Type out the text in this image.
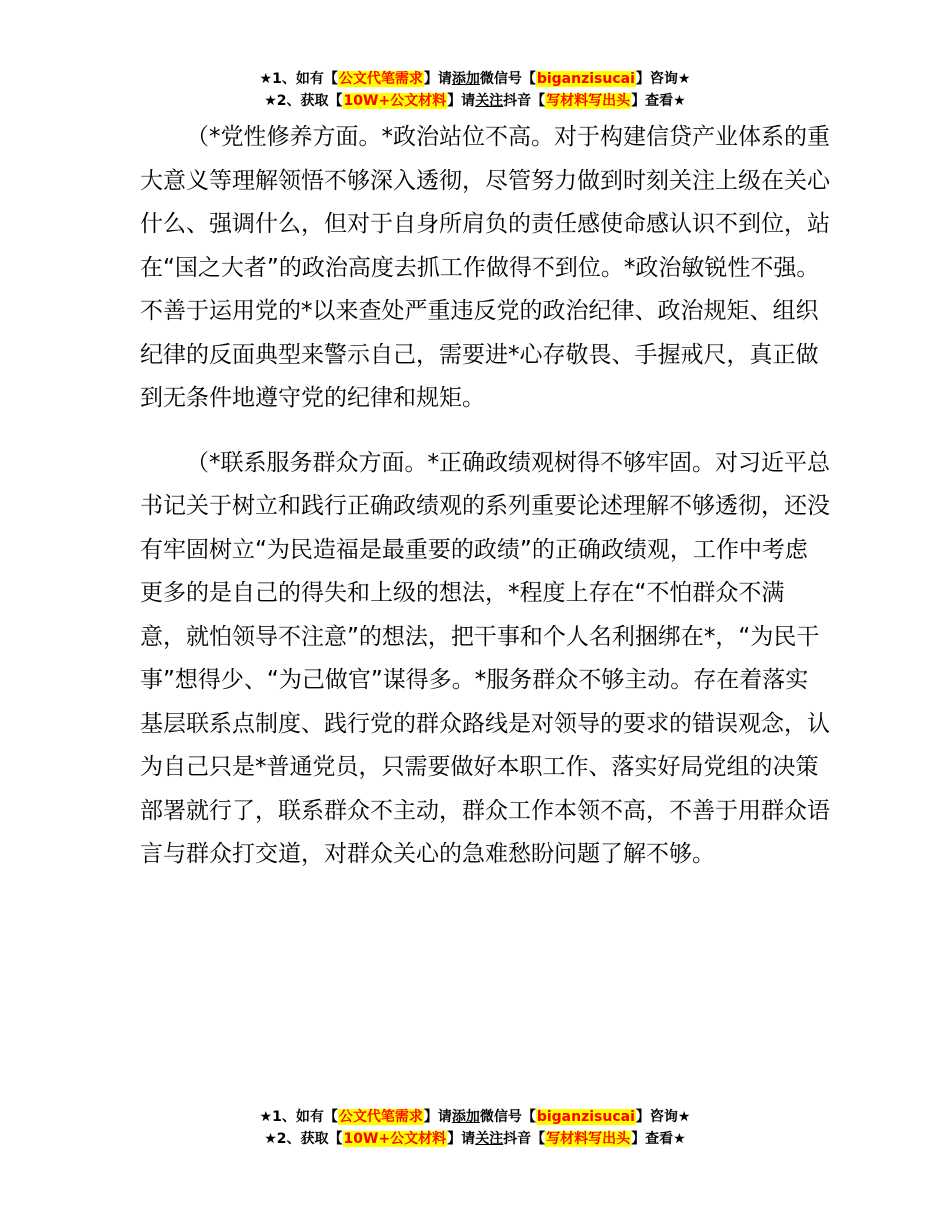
★1、如有【公文代笔需求】请添加微信号【biganzisucai】咨询★
★2、获取【10W+公文材料】请关注抖音【写材料写出头】查看★

（*党性修养方面。*政治站位不高。对于构建信贷产业体系的重大意义等理解领悟不够深入透彻，尽管努力做到时刻关注上级在关心什么、强调什么，但对于自身所肩负的责任感使命感认识不到位，站在“国之大者”的政治高度去抓工作做得不到位。*政治敏锐性不强。不善于运用党的*以来查处严重违反党的政治纪律、政治规矩、组织纪律的反面典型来警示自己，需要进*心存敬畏、手握戒尺，真正做到无条件地遵守党的纪律和规矩。

（*联系服务群众方面。*正确政绩观树得不够牢固。对习近平总书记关于树立和践行正确政绩观的系列重要论述理解不够透彻，还没有牢固树立“为民造福是最重要的政绩”的正确政绩观，工作中考虑更多的是自己的得失和上级的想法，*程度上存在“不怕群众不满意，就怕领导不注意”的想法，把干事和个人名利捆绑在*，“为民干事”想得少、“为己做官”谋得多。*服务群众不够主动。存在着落实基层联系点制度、践行党的群众路线是对领导的要求的错误观念，认为自己只是*普通党员，只需要做好本职工作、落实好局党组的决策部署就行了，联系群众不主动，群众工作本领不高，不善于用群众语言与群众打交道，对群众关心的急难愁盼问题了解不够。

★1、如有【公文代笔需求】请添加微信号【biganzisucai】咨询★
★2、获取【10W+公文材料】请关注抖音【写材料写出头】查看★
